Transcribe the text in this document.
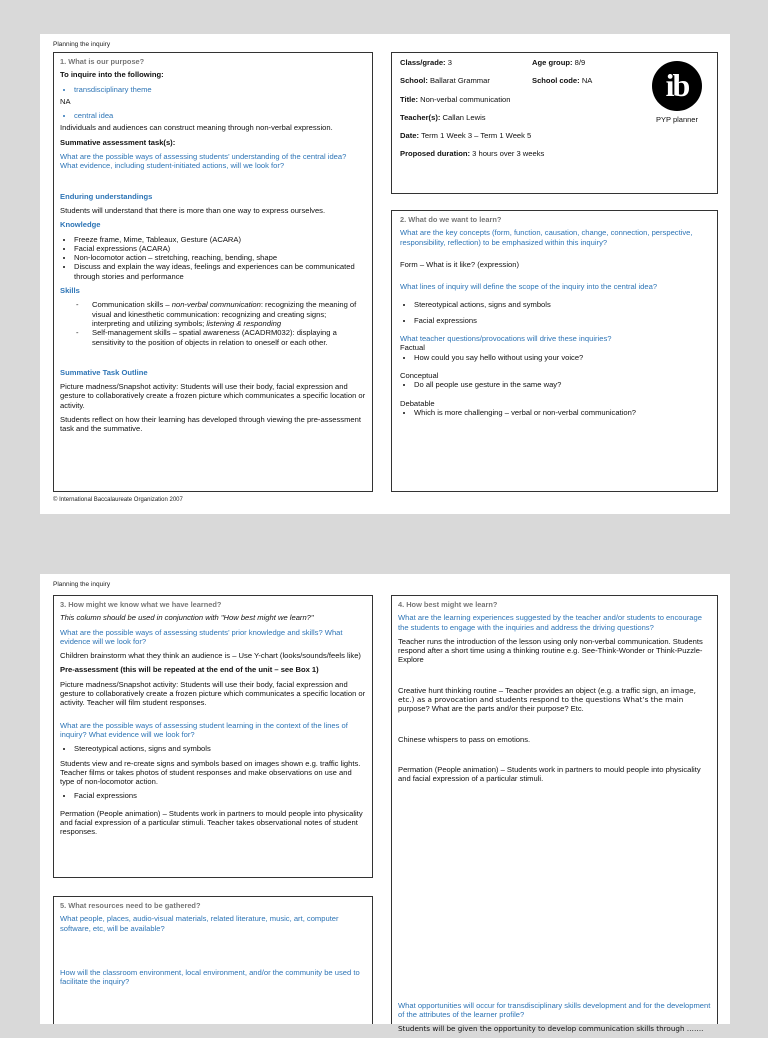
Planning the inquiry

1. What is our purpose?

To inquire into the following:

• transdisciplinary theme

NA

• central idea

Individuals and audiences can construct meaning through non-verbal expression.

Summative assessment task(s):

What are the possible ways of assessing students’ understanding of the central idea? What evidence, including student-initiated actions, will we look for?

Enduring understandings

Students will understand that there is more than one way to express ourselves.

Knowledge

• Freeze frame, Mime, Tableaux, Gesture (ACARA)
• Facial expressions (ACARA)
• Non-locomotor action – stretching, reaching, bending, shape
• Discuss and explain the way ideas, feelings and experiences can be communicated through stories and performance

Skills

- Communication skills – non-verbal communication: recognizing the meaning of visual and kinesthetic communication: recognizing and creating signs; interpreting and utilizing symbols; listening & responding
- Self-management skills – spatial awareness (ACADRM032): displaying a sensitivity to the position of objects in relation to oneself or each other.

Summative Task Outline

Picture madness/Snapshot activity: Students will use their body, facial expression and gesture to collaboratively create a frozen picture which communicates a specific location or activity.

Students reflect on how their learning has developed through viewing the pre-assessment task and the summative.

Class/grade: 3	Age group: 8/9
School: Ballarat Grammar	School code: NA
Title:
Non-verbal communication
Teacher(s):
Callan Lewis
Date:
Term 1 Week 3 – Term 1 Week 5
Proposed duration:
3 hours over 3 weeks
ib
PYP planner

2. What do we want to learn?

What are the key concepts (form, function, causation, change, connection, perspective, responsibility, reflection) to be emphasized within this inquiry?

Form – What is it like? (expression)

What lines of inquiry will define the scope of the inquiry into the central idea?

• Stereotypical actions, signs and symbols
• Facial expressions

What teacher questions/provocations will drive these inquiries?

Factual

• How could you say hello without using your voice?

Conceptual

• Do all people use gesture in the same way?

Debatable

• Which is more challenging – verbal or non-verbal communication?
© International Baccalaureate Organization 2007
Planning the inquiry

3. How might we know what we have learned?

This column should be used in conjunction with "How best might we learn?"

What are the possible ways of assessing students’ prior knowledge and skills? What evidence will we look for?

Children brainstorm what they think an audience is – Use Y-chart (looks/sounds/feels like)

Pre-assessment (this will be repeated at the end of the unit – see Box 1)

Picture madness/Snapshot activity: Students will use their body, facial expression and gesture to collaboratively create a frozen picture which communicates a specific location or activity. Teacher will film student responses.

What are the possible ways of assessing student learning in the context of the lines of inquiry? What evidence will we look for?

• Stereotypical actions, signs and symbols

Students view and re-create signs and symbols based on images shown e.g. traffic lights. Teacher films or takes photos of student responses and make observations on use and type of non-locomotor action.

• Facial expressions

Permation (People animation) – Students work in partners to mould people into physicality and facial expression of a particular stimuli. Teacher takes observational notes of student responses.

4. How best might we learn?

What are the learning experiences suggested by the teacher and/or students to encourage the students to engage with the inquiries and address the driving questions?

Teacher runs the introduction of the lesson using only non-verbal communication. Students respond after a short time using a thinking routine e.g. See-Think-Wonder or Think-Puzzle-Explore

Creative hunt thinking routine – Teacher provides an object (e.g. a traffic sign, an image, etc.) as a provocation and students respond to the questions What’s the main purpose? What are the parts and/or their purpose? Etc.

Chinese whispers to pass on emotions.

Permation (People animation) – Students work in partners to mould people into physicality and facial expression of a particular stimuli.

What opportunities will occur for transdisciplinary skills development and for the development of the attributes of the learner profile?

Students will be given the opportunity to develop communication skills through …….

5. What resources need to be gathered?

What people, places, audio-visual materials, related literature, music, art, computer software, etc, will be available?

How will the classroom environment, local environment, and/or the community be used to facilitate the inquiry?
